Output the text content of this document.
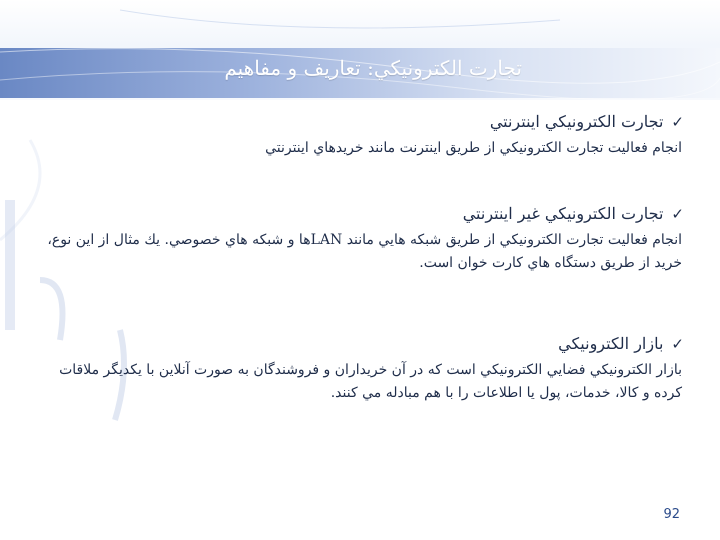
تجارت الكترونيكي: تعاريف و مفاهيم
✓
تجارت الكترونيكي اينترنتي
انجام فعاليت تجارت الكترونيكي از طريق اينترنت مانند خريدهاي اينترنتي
✓
تجارت الكترونيكي غير اينترنتي
انجام فعاليت تجارت الكترونيكي از طريق شبكه هايي مانند LANها و شبكه هاي خصوصي. يك مثال از اين نوع، خريد از طريق دستگاه هاي كارت خوان است.
✓
بازار الكترونيكي
بازار الكترونيكي فضايي الكترونيكي است كه در آن خريداران و فروشندگان به صورت آنلاين با يكديگر ملاقات كرده و كالا، خدمات، پول يا اطلاعات را با هم مبادله مي كنند.
92
